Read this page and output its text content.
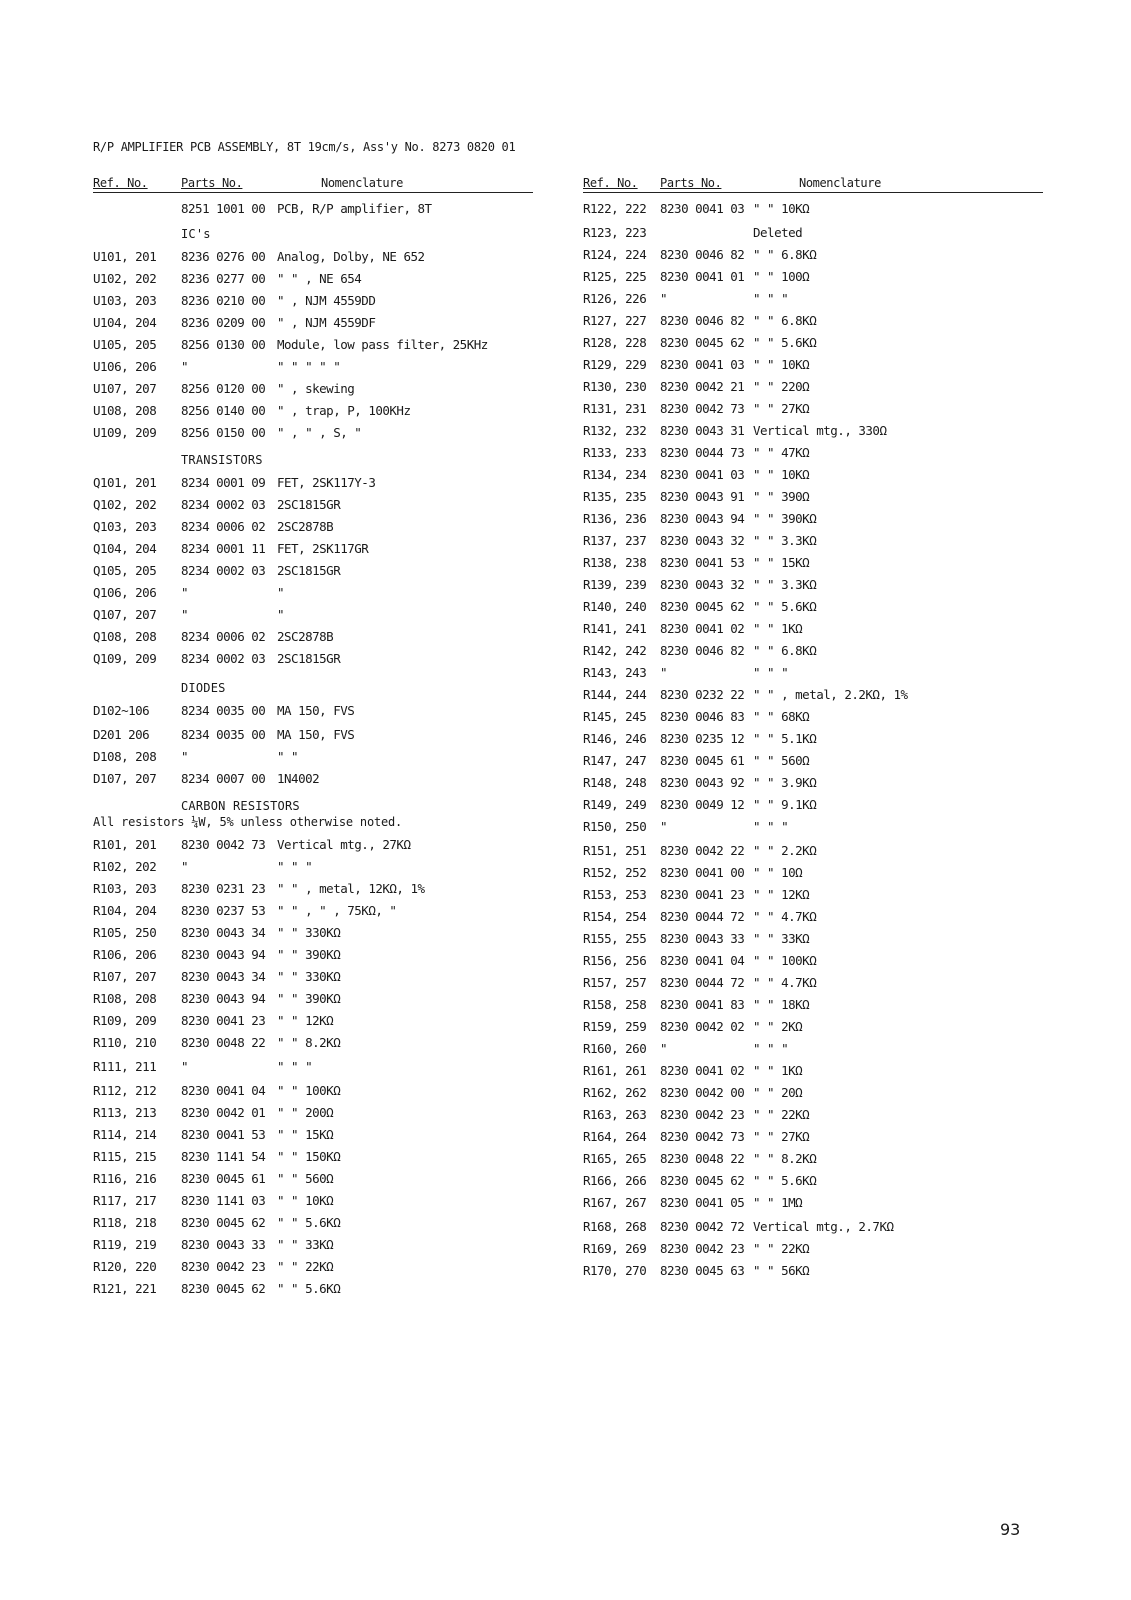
R/P AMPLIFIER PCB ASSEMBLY, 8T 19cm/s, Ass'y No. 8273 0820 01
Ref. No.	Parts No.	Nomenclature
8251 1001 00 PCB, R/P amplifier, 8T
IC's
U101, 201 8236 0276 00 Analog, Dolby, NE 652
U102, 202 8236 0277 00 " " , NE 654
U103, 203 8236 0210 00 " , NJM 4559DD
U104, 204 8236 0209 00 " , NJM 4559DF
U105, 205 8256 0130 00 Module, low pass filter, 25KHz
U106, 206 "	" " " " "
U107, 207 8256 0120 00 " , skewing
U108, 208 8256 0140 00 " , trap, P, 100KHz
U109, 209 8256 0150 00 " , " , S, "
TRANSISTORS
Q101, 201 8234 0001 09 FET, 2SK117Y-3
Q102, 202 8234 0002 03 2SC1815GR
Q103, 203 8234 0006 02 2SC2878B
Q104, 204 8234 0001 11 FET, 2SK117GR
Q105, 205 8234 0002 03 2SC1815GR
Q106, 206 "	"
Q107, 207 "	"
Q108, 208 8234 0006 02 2SC2878B
Q109, 209 8234 0002 03 2SC1815GR
DIODES
D102~106	8234 0035 00 MA 150, FVS
D201 206	8234 0035 00 MA 150, FVS
D108, 208 "	" "
D107, 207 8234 0007 00 1N4002
CARBON RESISTORS
All resistors ¼W, 5% unless otherwise noted.
R101, 201 8230 0042 73 Vertical mtg., 27KΩ
R102, 202 "	" " "
R103, 203 8230 0231 23 " " , metal, 12KΩ, 1%
R104, 204 8230 0237 53 " " , " , 75KΩ, "
R105, 250 8230 0043 34 " " 330KΩ
R106, 206 8230 0043 94 " " 390KΩ
R107, 207 8230 0043 34 " " 330KΩ
R108, 208 8230 0043 94 " " 390KΩ
R109, 209 8230 0041 23 " " 12KΩ
R110, 210 8230 0048 22 " " 8.2KΩ
R111, 211 "	" " "
R112, 212 8230 0041 04 " " 100KΩ
R113, 213 8230 0042 01 " " 200Ω
R114, 214 8230 0041 53 " " 15KΩ
R115, 215 8230 1141 54 " " 150KΩ
R116, 216 8230 0045 61 " " 560Ω
R117, 217 8230 1141 03 " " 10KΩ
R118, 218 8230 0045 62 " " 5.6KΩ
R119, 219 8230 0043 33 " " 33KΩ
R120, 220 8230 0042 23 " " 22KΩ
R121, 221 8230 0045 62 " " 5.6KΩ
Ref. No. Parts No.	Nomenclature
R122, 222 8230 0041 03 " " 10KΩ
R123, 223	Deleted
R124, 224 8230 0046 82 " " 6.8KΩ
R125, 225 8230 0041 01 " " 100Ω
R126, 226 "	" " "
R127, 227 8230 0046 82 " " 6.8KΩ
R128, 228 8230 0045 62 " " 5.6KΩ
R129, 229 8230 0041 03 " " 10KΩ
R130, 230 8230 0042 21 " " 220Ω
R131, 231 8230 0042 73 " " 27KΩ
R132, 232 8230 0043 31 Vertical mtg., 330Ω
R133, 233 8230 0044 73 " " 47KΩ
R134, 234 8230 0041 03 " " 10KΩ
R135, 235 8230 0043 91 " " 390Ω
R136, 236 8230 0043 94 " " 390KΩ
R137, 237 8230 0043 32 " " 3.3KΩ
R138, 238 8230 0041 53 " " 15KΩ
R139, 239 8230 0043 32 " " 3.3KΩ
R140, 240 8230 0045 62 " " 5.6KΩ
R141, 241 8230 0041 02 " " 1KΩ
R142, 242 8230 0046 82 " " 6.8KΩ
R143, 243 "	" " "
R144, 244 8230 0232 22 " " , metal, 2.2KΩ, 1%
R145, 245 8230 0046 83 " " 68KΩ
R146, 246 8230 0235 12 " " 5.1KΩ
R147, 247 8230 0045 61 " " 560Ω
R148, 248 8230 0043 92 " " 3.9KΩ
R149, 249 8230 0049 12 " " 9.1KΩ
R150, 250 "	" " "
R151, 251 8230 0042 22 " " 2.2KΩ
R152, 252 8230 0041 00 " " 10Ω
R153, 253 8230 0041 23 " " 12KΩ
R154, 254 8230 0044 72 " " 4.7KΩ
R155, 255 8230 0043 33 " " 33KΩ
R156, 256 8230 0041 04 " " 100KΩ
R157, 257 8230 0044 72 " " 4.7KΩ
R158, 258 8230 0041 83 " " 18KΩ
R159, 259 8230 0042 02 " " 2KΩ
R160, 260 "	" " "
R161, 261 8230 0041 02 " " 1KΩ
R162, 262 8230 0042 00 " " 20Ω
R163, 263 8230 0042 23 " " 22KΩ
R164, 264 8230 0042 73 " " 27KΩ
R165, 265 8230 0048 22 " " 8.2KΩ
R166, 266 8230 0045 62 " " 5.6KΩ
R167, 267 8230 0041 05 " " 1MΩ
R168, 268 8230 0042 72 Vertical mtg., 2.7KΩ
R169, 269 8230 0042 23 " " 22KΩ
R170, 270 8230 0045 63 " " 56KΩ
93
